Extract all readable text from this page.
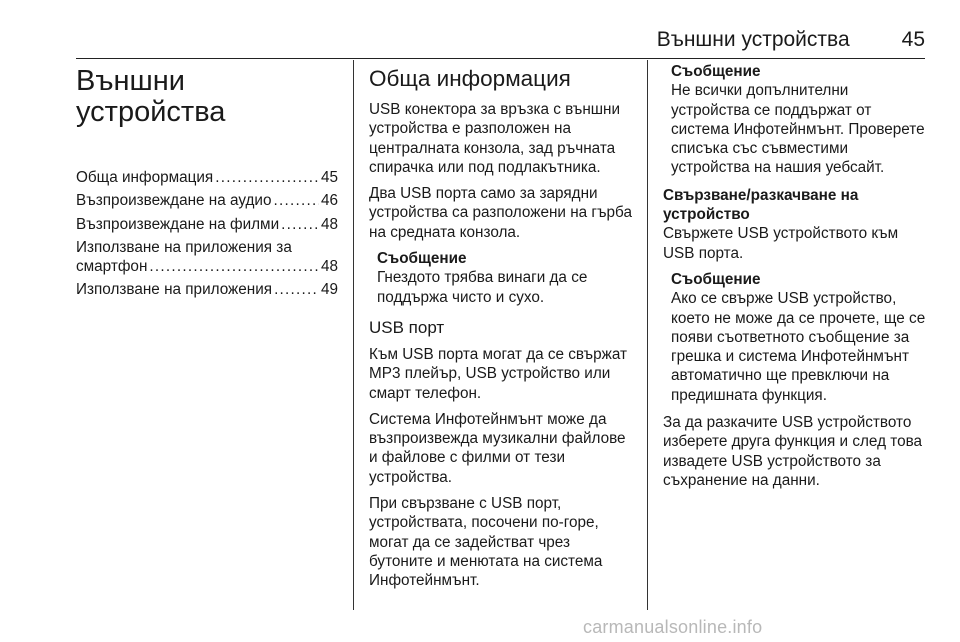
Външни устройства 45
Външни
устройства
Обща информация . . .	45
Възпроизвеждане на аудио . . .	46
Възпроизвеждане на филми . . .	48
Използване на приложения за
смартфон . . .	48
Използване на приложения . . .	49
Обща информация

USB конектора за връзка с външни устройства е разположен на централната конзола, зад ръчната спирачка или под подлакътника.

Два USB порта само за зарядни устройства са разположени на гърба на средната конзола.

Съобщение
Гнездото трябва винаги да се поддържа чисто и сухо.
USB порт

Към USB порта могат да се свържат MP3 плейър, USB устройство или смарт телефон.

Система Инфотейнмънт може да възпроизвежда музикални файлове и файлове с филми от тези устройства.

При свързване с USB порт, устройствата, посочени по-горе, могат да се задействат чрез бутоните и менютата на система Инфотейнмънт.

Съобщение
Не всички допълнителни устройства се поддържат от система Инфотейнмънт. Проверете списъка със съвместими устройства на нашия уебсайт.
Свързване/разкачване на устройство

Свържете USB устройството към USB порта.

Съобщение
Ако се свърже USB устройство, което не може да се прочете, ще се появи съответното съобщение за грешка и система Инфотейнмънт автоматично ще превключи на предишната функция.

За да разкачите USB устройството изберете друга функция и след това извадете USB устройството за съхранение на данни.

carmanualsonline.info
